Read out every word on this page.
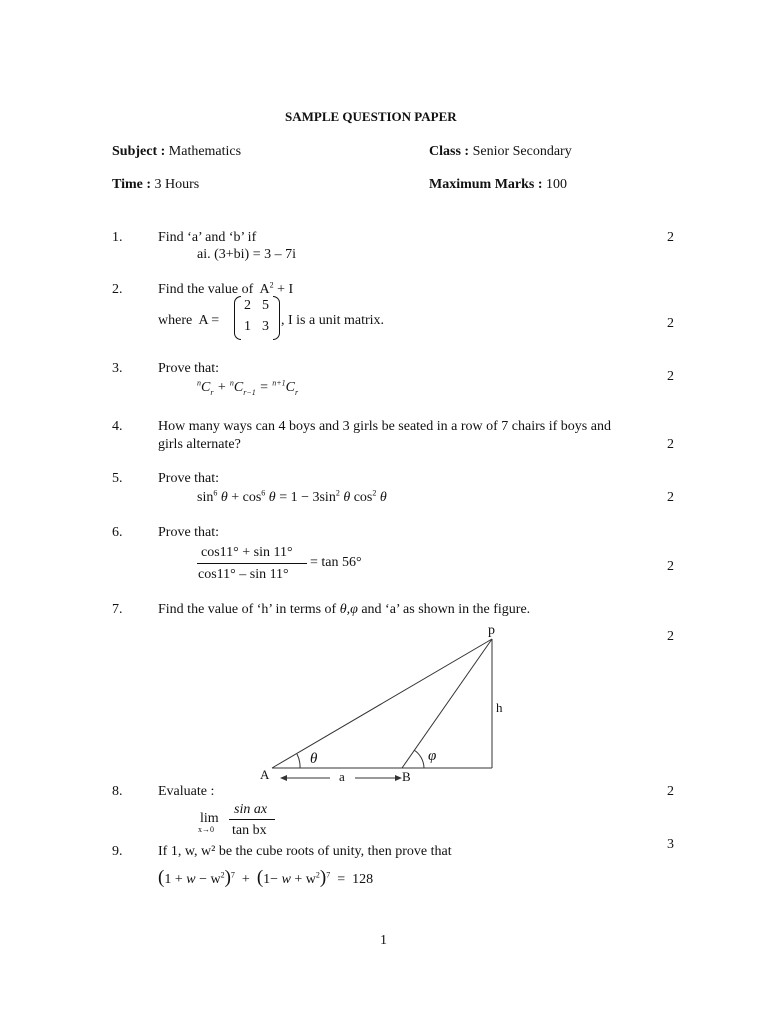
SAMPLE QUESTION PAPER
Subject : Mathematics	Class : Senior Secondary
Time : 3 Hours	Maximum Marks : 100
1.	Find ‘a’ and ‘b’ if
ai. (3+bi) = 3 – 7i
2
2.	Find the value of $A^2 + I$
where A =
2 5
1 3 , I is a unit matrix.	2
3.	Prove that:
$^nC_r + ^nC_{r-1} = ^{n+1}C_r$
2
4.	How many ways can 4 boys and 3 girls be seated in a row of 7 chairs if boys and
girls alternate?	2
5.	Prove that:
$\sin^6 \theta + \cos^6 \theta = 1 - 3\sin^2$ θ $\cos^2 \theta$	2
6.	Prove that:
cos11° + sin 11°
cos11° – sin 11°
= tan 56°	2
7.	Find the value of ‘h’ in terms of θ,φ and ‘a’ as shown in the figure.
2
p
h
A	a	B
θ	φ
8.	Evaluate :
lim
x→0
sin ax
tan bx
2
9.	If 1, w, w² be the cube roots of unity, then prove that
$(1 + w - w^2)^7 + (1- w + w^2)^7 = 128$
3
1
